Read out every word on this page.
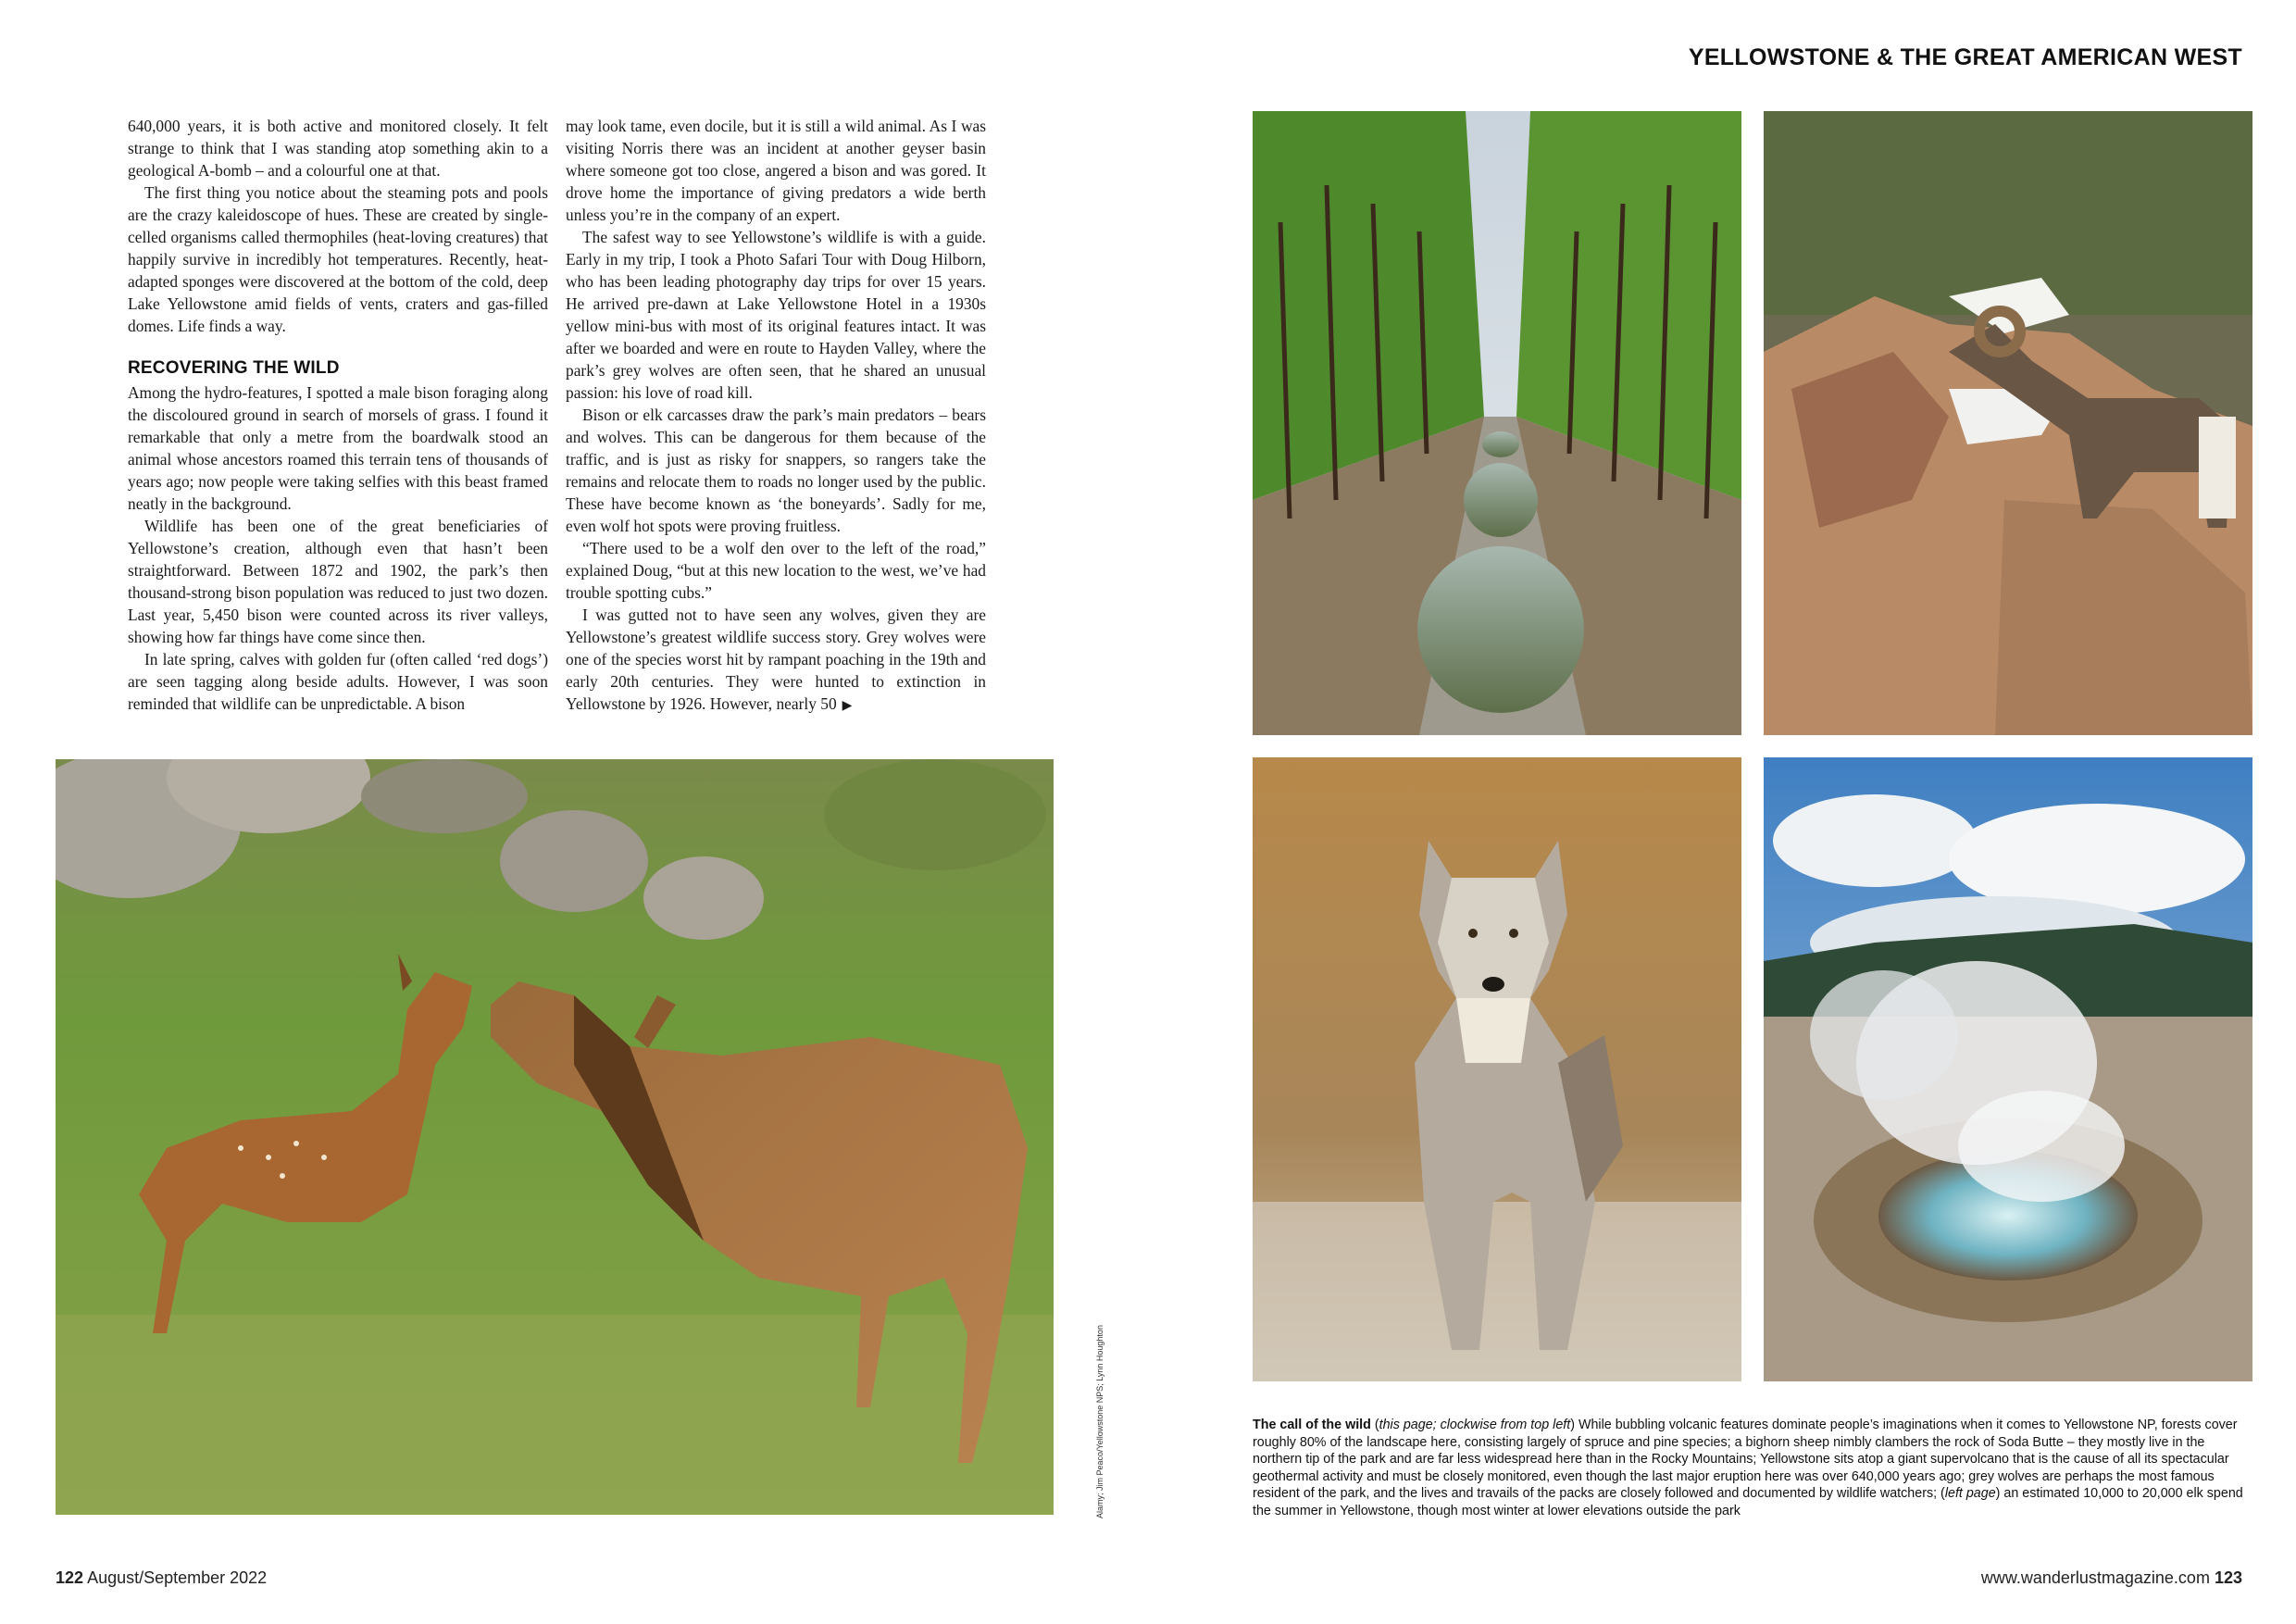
YELLOWSTONE & THE GREAT AMERICAN WEST

640,000 years, it is both active and monitored closely. It felt strange to think that I was standing atop something akin to a geological A-bomb – and a colourful one at that.

The first thing you notice about the steaming pots and pools are the crazy kaleidoscope of hues. These are created by single-celled organisms called thermophiles (heat-loving creatures) that happily survive in incredibly hot temperatures. Recently, heat-adapted sponges were discovered at the bottom of the cold, deep Lake Yellowstone amid fields of vents, craters and gas-filled domes. Life finds a way.

RECOVERING THE WILD

Among the hydro-features, I spotted a male bison foraging along the discoloured ground in search of morsels of grass. I found it remarkable that only a metre from the boardwalk stood an animal whose ancestors roamed this terrain tens of thousands of years ago; now people were taking selfies with this beast framed neatly in the background.

Wildlife has been one of the great beneficiaries of Yellowstone’s creation, although even that hasn’t been straightforward. Between 1872 and 1902, the park’s then thousand-strong bison population was reduced to just two dozen. Last year, 5,450 bison were counted across its river valleys, showing how far things have come since then.

In late spring, calves with golden fur (often called ‘red dogs’) are seen tagging along beside adults. However, I was soon reminded that wildlife can be unpredictable. A bison

may look tame, even docile, but it is still a wild animal. As I was visiting Norris there was an incident at another geyser basin where someone got too close, angered a bison and was gored. It drove home the importance of giving predators a wide berth unless you’re in the company of an expert.

The safest way to see Yellowstone’s wildlife is with a guide. Early in my trip, I took a Photo Safari Tour with Doug Hilborn, who has been leading photography day trips for over 15 years. He arrived pre-dawn at Lake Yellowstone Hotel in a 1930s yellow mini-bus with most of its original features intact. It was after we boarded and were en route to Hayden Valley, where the park’s grey wolves are often seen, that he shared an unusual passion: his love of road kill.

Bison or elk carcasses draw the park’s main predators – bears and wolves. This can be dangerous for them because of the traffic, and is just as risky for snappers, so rangers take the remains and relocate them to roads no longer used by the public. These have become known as ‘the boneyards’. Sadly for me, even wolf hot spots were proving fruitless.

“There used to be a wolf den over to the left of the road,” explained Doug, “but at this new location to the west, we’ve had trouble spotting cubs.”

I was gutted not to have seen any wolves, given they are Yellowstone’s greatest wildlife success story. Grey wolves were one of the species worst hit by rampant poaching in the 19th and early 20th centuries. They were hunted to extinction in Yellowstone by 1926. However, nearly 50 ▶

Alamy; Jim Peaco/Yellowstone NPS; Lynn Houghton	The call of the wild (this page; clockwise from top left) While bubbling volcanic features dominate people’s imaginations when it comes to Yellowstone NP, forests cover roughly 80% of the landscape here, consisting largely of spruce and pine species; a bighorn sheep nimbly clambers the rock of Soda Butte – they mostly live in the northern tip of the park and are far less widespread here than in the Rocky Mountains; Yellowstone sits atop a giant supervolcano that is the cause of all its spectacular geothermal activity and must be closely monitored, even though the last major eruption here was over 640,000 years ago; grey wolves are perhaps the most famous resident of the park, and the lives and travails of the packs are closely followed and documented by wildlife watchers; (left page) an estimated 10,000 to 20,000 elk spend the summer in Yellowstone, though most winter at lower elevations outside the park
122 August/September 2022	www.wanderlustmagazine.com 123
